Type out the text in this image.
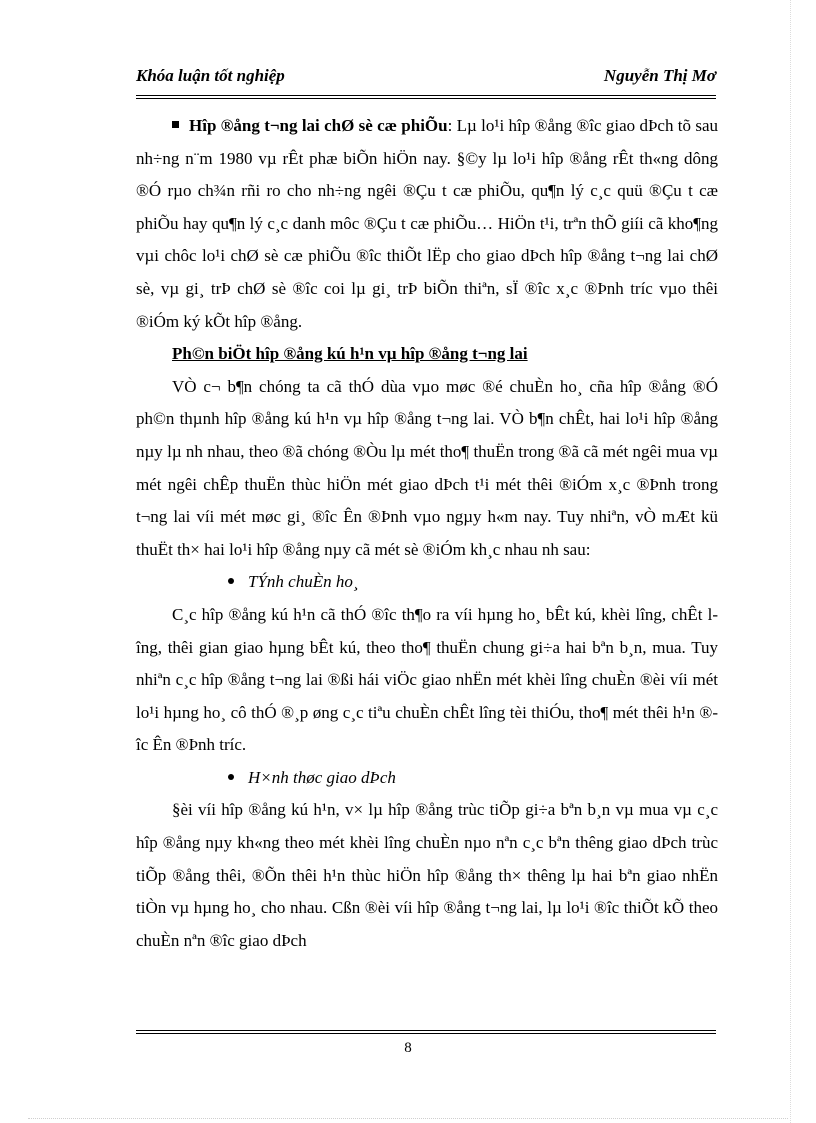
Khóa luận tốt nghiệp	Nguyễn Thị Mơ

Hîp ®ång t¬ng lai chØ sè cæ phiÕu: Lµ lo¹i hîp ®ång ®îc giao dÞch tõ sau nh÷ng n¨m 1980 vµ rÊt phæ biÕn hiÖn nay. §©y lµ lo¹i hîp ®ång rÊt th«ng dông ®Ó rµo ch¾n rñi ro cho nh÷ng ngêi ®Çu t cæ phiÕu, qu¶n lý c¸c quü ®Çu t cæ phiÕu hay qu¶n lý c¸c danh môc ®Çu t cæ phiÕu… HiÖn t¹i, trªn thÕ giíi cã kho¶ng vµi chôc lo¹i chØ sè cæ phiÕu ®îc thiÕt lËp cho giao dÞch hîp ®ång t¬ng lai chØ sè, vµ gi¸ trÞ chØ sè ®îc coi lµ gi¸ trÞ biÕn thiªn, sÏ ®îc x¸c ®Þnh tríc vµo thêi ®iÓm ký kÕt hîp ®ång.

Ph©n biÖt hîp ®ång kú h¹n vµ hîp ®ång t¬ng lai

VÒ c¬ b¶n chóng ta cã thÓ dùa vµo møc ®é chuÈn ho¸ cña hîp ®ång ®Ó ph©n thµnh hîp ®ång kú h¹n vµ hîp ®ång t¬ng lai. VÒ b¶n chÊt, hai lo¹i hîp ®ång nµy lµ nh nhau, theo ®ã chóng ®Òu lµ mét tho¶ thuËn trong ®ã cã mét ngêi mua vµ mét ngêi chÊp thuËn thùc hiÖn mét giao dÞch t¹i mét thêi ®iÓm x¸c ®Þnh trong t¬ng lai víi mét møc gi¸ ®îc Ên ®Þnh vµo ngµy h«m nay. Tuy nhiªn, vÒ mÆt kü thuËt th× hai lo¹i hîp ®ång nµy cã mét sè ®iÓm kh¸c nhau nh sau:

TÝnh chuÈn ho¸

C¸c hîp ®ång kú h¹n cã thÓ ®îc th¶o ra víi hµng ho¸ bÊt kú, khèi lîng, chÊt lîng, thêi gian giao hµng bÊt kú, theo tho¶ thuËn chung gi÷a hai bªn b¸n, mua. Tuy nhiªn c¸c hîp ®ång t¬ng lai ®ßi hái viÖc giao nhËn mét khèi lîng chuÈn ®èi víi mét lo¹i hµng ho¸ cô thÓ ®¸p øng c¸c tiªu chuÈn chÊt lîng tèi thiÓu, tho¶ mét thêi h¹n ®îc Ên ®Þnh tríc.

H×nh thøc giao dÞch

§èi víi hîp ®ång kú h¹n, v× lµ hîp ®ång trùc tiÕp gi÷a bªn b¸n vµ mua vµ c¸c hîp ®ång nµy kh«ng theo mét khèi lîng chuÈn nµo nªn c¸c bªn thêng giao dÞch trùc tiÕp ®ång thêi, ®Õn thêi h¹n thùc hiÖn hîp ®ång th× thêng lµ hai bªn giao nhËn tiÒn vµ hµng ho¸ cho nhau. Cßn ®èi víi hîp ®ång t¬ng lai, lµ lo¹i ®îc thiÕt kÕ theo chuÈn nªn ®îc giao dÞch

8
